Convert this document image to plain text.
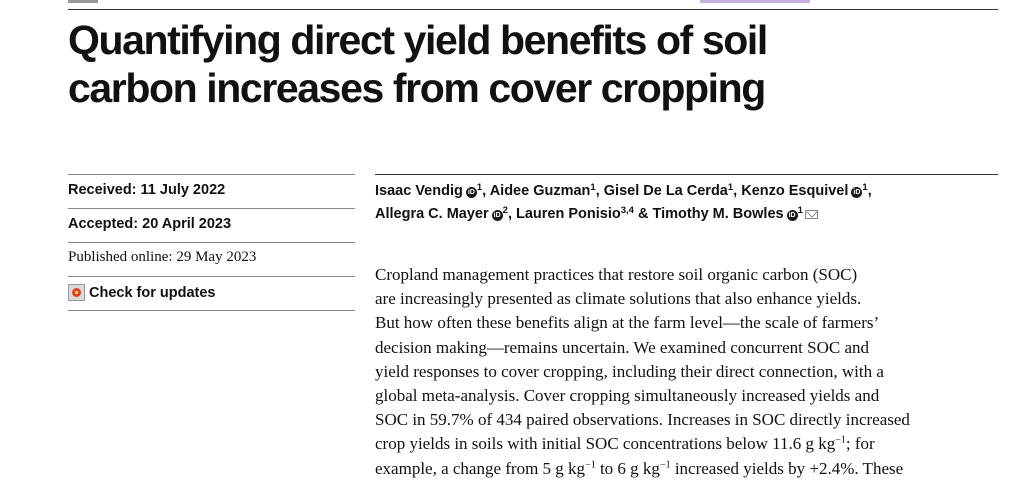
Quantifying direct yield benefits of soil
carbon increases from cover cropping
Received: 11 July 2022
Accepted: 20 April 2023
Published online: 29 May 2023
Check for updates
Isaac Vendig iD $^1$, Aidee Guzman$^1$, Gisel De La Cerda$^1$, Kenzo Esquivel iD $^1$,
Allegra C. Mayer iD $^2$, Lauren Ponisio$^{3,4}$ & Timothy M. Bowles iD $^1$

Cropland management practices that restore soil organic carbon (SOC)
are increasingly presented as climate solutions that also enhance yields.
But how often these benefits align at the farm level—the scale of farmers’
decision making—remains uncertain. We examined concurrent SOC and
yield responses to cover cropping, including their direct connection, with a
global meta-analysis. Cover cropping simultaneously increased yields and
SOC in 59.7% of 434 paired observations. Increases in SOC directly increased
crop yields in soils with initial SOC concentrations below 11.6 g $kg^{-1}$; for
example, a change from 5 g $kg^{-1}$ to 6 g $kg^{-1}$ increased yields by +2.4%. These
